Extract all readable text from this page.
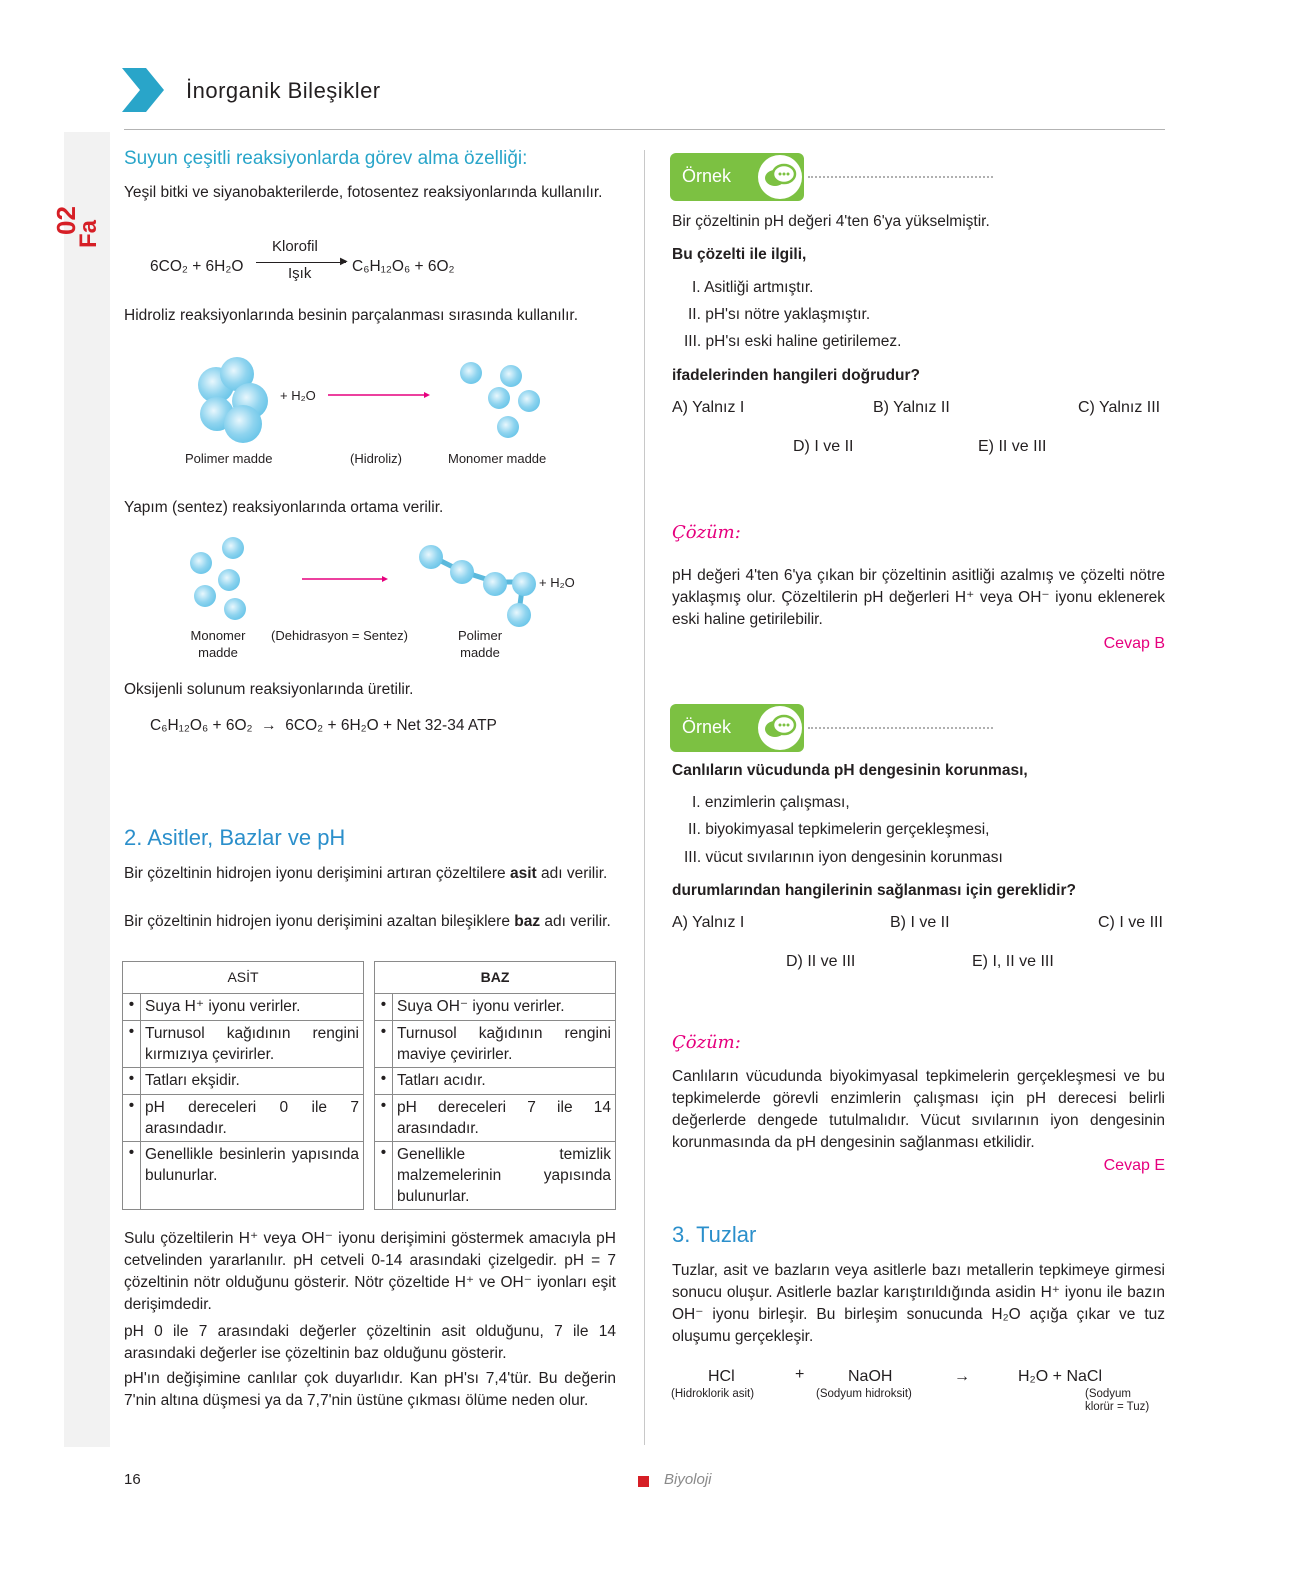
02
Fa
İnorganik Bileşikler
Suyun çeşitli reaksiyonlarda görev alma özelliği:
Yeşil bitki ve siyanobakterilerde, fotosentez reaksiyonlarında kullanılır.
6CO₂ + 6H₂O
Klorofil
▶
Işık	C₆H₁₂O₆ + 6O₂
Hidroliz reaksiyonlarında besinin parçalanması sırasında kullanılır.
+ H₂O
Polimer madde	(Hidroliz)	Monomer madde
Yapım (sentez) reaksiyonlarında ortama verilir.
+ H₂O
Monomer
madde
(Dehidrasyon = Sentez)	Polimer
madde
Oksijenli solunum reaksiyonlarında üretilir.
C₆H₁₂O₆ + 6O₂  →  6CO₂ + 6H₂O + Net 32-34 ATP
2. Asitler, Bazlar ve pH
Bir çözeltinin hidrojen iyonu derişimini artıran çözeltilere asit adı verilir.
Bir çözeltinin hidrojen iyonu derişimini azaltan bileşiklere baz adı verilir.
ASİT	
•	Suya H⁺ iyonu verirler.
•	Turnusol kağıdının rengini kırmızıya çevirirler.
•	Tatları ekşidir.
•	pH dereceleri 0 ile 7 arasındadır.
•	Genellikle besinlerin yapısında bulunurlar.
BAZ	
•	Suya OH⁻ iyonu verirler.
•	Turnusol kağıdının rengini maviye çevirirler.
•	Tatları acıdır.
•	pH dereceleri 7 ile 14 arasındadır.
•	Genellikle temizlik malzemelerinin yapısında bulunurlar.
Sulu çözeltilerin H⁺ veya OH⁻ iyonu derişimini göstermek amacıyla pH cetvelinden yararlanılır. pH cetveli 0-14 arasındaki çizelgedir. pH = 7 çözeltinin nötr olduğunu gösterir. Nötr çözeltide H⁺ ve OH⁻ iyonları eşit derişimdedir.
pH 0 ile 7 arasındaki değerler çözeltinin asit olduğunu, 7 ile 14 arasındaki değerler ise çözeltinin baz olduğunu gösterir.
pH'ın değişimine canlılar çok duyarlıdır. Kan pH'sı 7,4'tür. Bu değerin 7'nin altına düşmesi ya da 7,7'nin üstüne çıkması ölüme neden olur.
Örnek
Bir çözeltinin pH değeri 4'ten 6'ya yükselmiştir.
Bu çözelti ile ilgili,
I. Asitliği artmıştır.
II. pH'sı nötre yaklaşmıştır.
III. pH'sı eski haline getirilemez.
ifadelerinden hangileri doğrudur?
A) Yalnız I	B) Yalnız II	C) Yalnız III
D) I ve II	E) II ve III
Çözüm:
pH değeri 4'ten 6'ya çıkan bir çözeltinin asitliği azalmış ve çözelti nötre yaklaşmış olur. Çözeltilerin pH değerleri H⁺ veya OH⁻ iyonu eklenerek eski haline getirilebilir.
Cevap B
Örnek
Canlıların vücudunda pH dengesinin korunması,
I. enzimlerin çalışması,
II. biyokimyasal tepkimelerin gerçekleşmesi,
III. vücut sıvılarının iyon dengesinin korunması
durumlarından hangilerinin sağlanması için gereklidir?
A) Yalnız I	B) I ve II	C) I ve III
D) II ve III	E) I, II ve III
Çözüm:
Canlıların vücudunda biyokimyasal tepkimelerin gerçekleşmesi ve bu tepkimelerde görevli enzimlerin çalışması için pH derecesi belirli değerlerde dengede tutulmalıdır. Vücut sıvılarının iyon dengesinin korunmasında da pH dengesinin sağlanması etkilidir.
Cevap E
3. Tuzlar
Tuzlar, asit ve bazların veya asitlerle bazı metallerin tepkimeye girmesi sonucu oluşur. Asitlerle bazlar karıştırıldığında asidin H⁺ iyonu ile bazın OH⁻ iyonu birleşir. Bu birleşim sonucunda H₂O açığa çıkar ve tuz oluşumu gerçekleşir.
HCl
(Hidroklorik asit)
+	NaOH
(Sodyum hidroksit)
→	H₂O + NaCl
(Sodyum
klorür = Tuz)
16	Biyoloji
